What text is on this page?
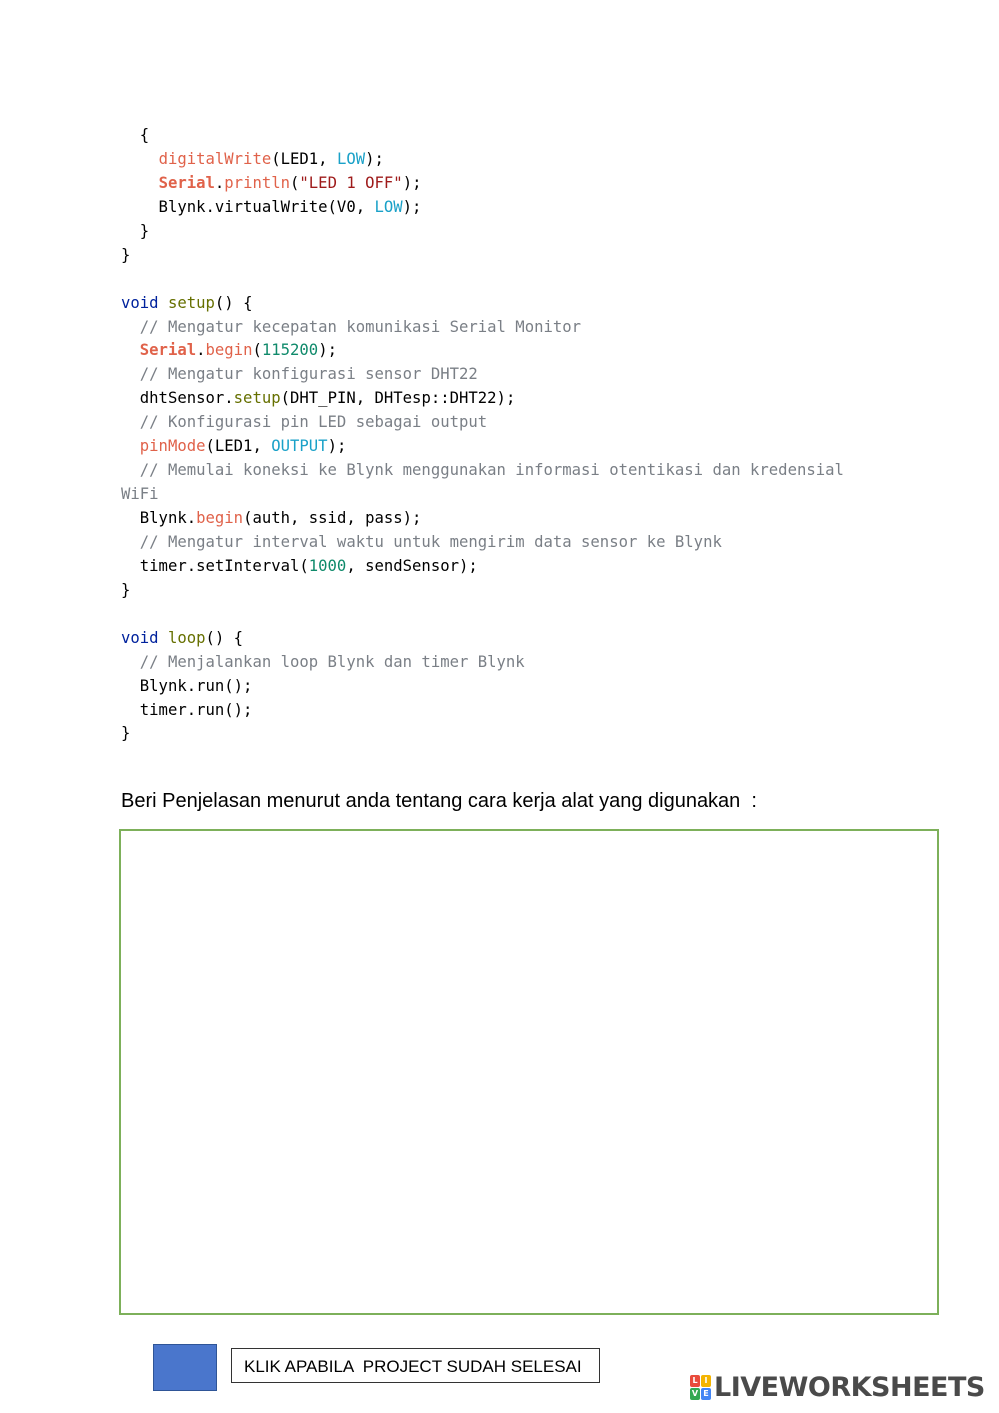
{
digitalWrite(LED1, LOW);
Serial.println("LED 1 OFF");
Blynk.virtualWrite(V0, LOW);
}
}
void setup() {
// Mengatur kecepatan komunikasi Serial Monitor
Serial.begin(115200);
// Mengatur konfigurasi sensor DHT22
dhtSensor.setup(DHT_PIN, DHTesp::DHT22);
// Konfigurasi pin LED sebagai output
pinMode(LED1, OUTPUT);
// Memulai koneksi ke Blynk menggunakan informasi otentikasi dan kredensial
WiFi
Blynk.begin(auth, ssid, pass);
// Mengatur interval waktu untuk mengirim data sensor ke Blynk
timer.setInterval(1000, sendSensor);
}
void loop() {
// Menjalankan loop Blynk dan timer Blynk
Blynk.run();
timer.run();
}
Beri Penjelasan menurut anda tentang cara kerja alat yang digunakan  :
KLIK APABILA  PROJECT SUDAH SELESAI
L I
V E LIVEWORKSHEETS
